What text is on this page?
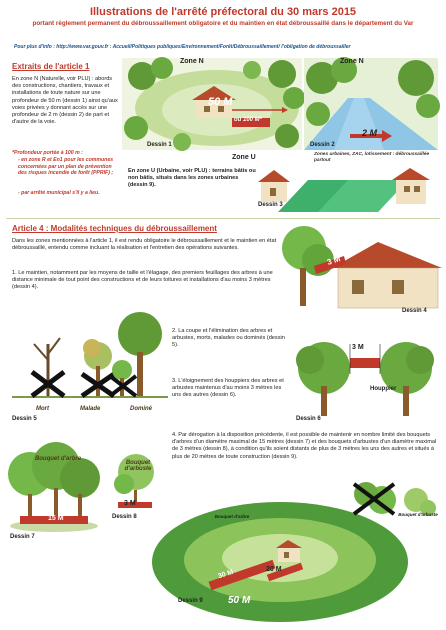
Illustrations de l'arrêté préfectoral du 30 mars 2015
portant règlement permanent du débroussaillement obligatoire et du maintien en état débroussaillé dans le département du Var
Pour plus d'info : http://www.var.gouv.fr : Accueil/Politiques publiques/Environnement/Forêt/Débroussaillement/ l'obligation de débroussailler
Extraits de l'article 1
En zone N (Naturelle, voir PLU) : abords des constructions, chantiers, travaux et installations de toute nature sur une profondeur de 50 m (dessin 1) ainsi qu'aux voies privées y donnant accès sur une profondeur de 2 m (dessin 2) de part et d'autre de la voie.
*Profondeur portée à 100 m :
- en zone R et En1 pour les communes concernées par un plan de prévention des risques incendie de forêt (PPRIF) ;
- par arrêté municipal s'il y a lieu.
Zone N
50 M
ou 100 M*
Dessin 1
Zone N
2 M
Dessin 2
Zone U	Zones urbaines, ZAC, lotissement : débroussaillée partout
En zone U (Urbaine, voir PLU) : terrains bâtis ou non bâtis, situés dans les zones urbaines (dessin 9).
Dessin 3
Article 4 : Modalités techniques du débroussaillement
Dans les zones mentionnées à l'article 1, il est rendu obligatoire le débroussaillement et le maintien en état débroussaillé, entendu comme incluant la réalisation et l'entretien des opérations suivantes.
1. Le maintien, notamment par les moyens de taille et l'élagage, des premiers feuillages des arbres à une distance minimale de tout point des constructions et de leurs toitures et installations d'au moins 3 mètres (dessin 4).
3 M
Dessin 4
Mort	Malade	Dominé
Dessin 5
2. La coupe et l'élimination des arbres et arbustes, morts, malades ou dominés (dessin 5).
3. L'éloignement des houppiers des arbres et arbustes maintenus d'au moins 3 mètres les uns des autres (dessin 6).
3 M
Houppier
Dessin 6
4. Par dérogation à la disposition précédente, il est possible de maintenir en nombre limité des bouquets d'arbres d'un diamètre maximal de 15 mètres (dessin 7) et des bouquets d'arbustes d'un diamètre maximal de 3 mètres (dessin 8), à condition qu'ils soient distants de plus de 3 mètres les uns des autres et situés à plus de 20 mètres de toute construction (dessin 9).
Bouquet d'arbre
Bouquet d'arbuste
15 M
3 M
Dessin 8
Dessin 7
Bouquet d'arbre	Bouquet d'arbuste
30 M	20 M
50 M
Dessin 9
